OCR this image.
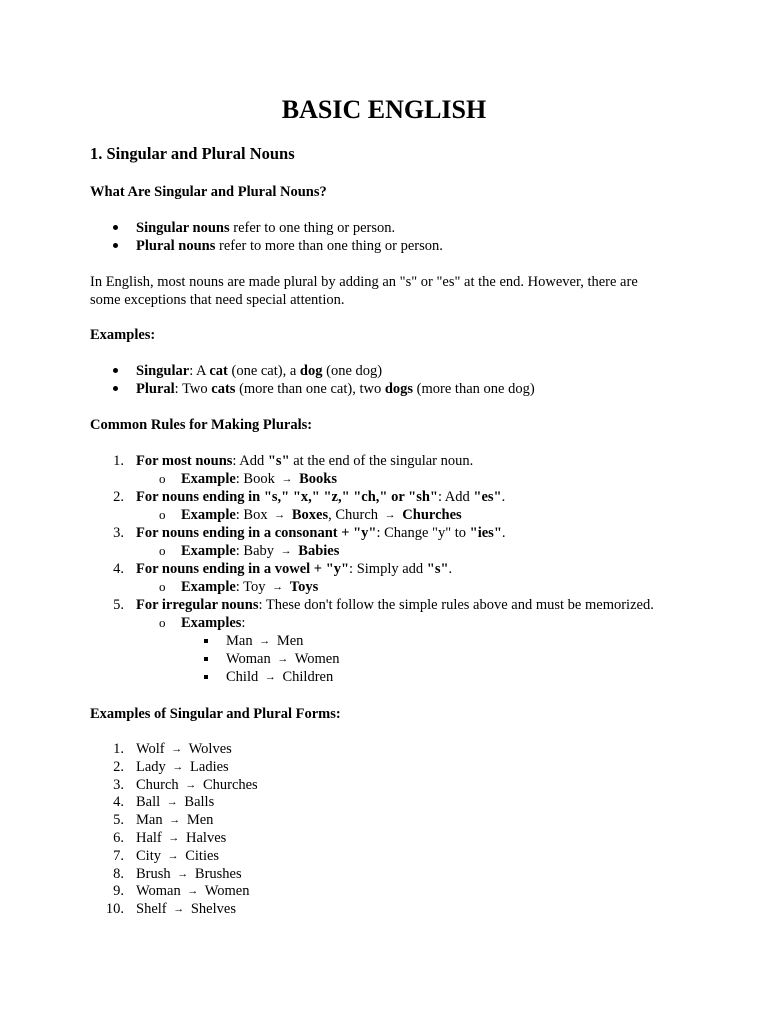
BASIC ENGLISH
1. Singular and Plural Nouns
What Are Singular and Plural Nouns?
Singular nouns refer to one thing or person.
Plural nouns refer to more than one thing or person.
In English, most nouns are made plural by adding an "s" or "es" at the end. However, there are
some exceptions that need special attention.
Examples:
Singular: A cat (one cat), a dog (one dog)
Plural: Two cats (more than one cat), two dogs (more than one dog)
Common Rules for Making Plurals:
1. For most nouns: Add "s" at the end of the singular noun.
o Example: Book → Books
2. For nouns ending in "s," "x," "z," "ch," or "sh": Add "es".
o Example: Box → Boxes, Church → Churches
3. For nouns ending in a consonant + "y": Change "y" to "ies".
o Example: Baby → Babies
4. For nouns ending in a vowel + "y": Simply add "s".
o Example: Toy → Toys
5. For irregular nouns: These don't follow the simple rules above and must be memorized.
o Examples:
Man → Men
Woman → Women
Child → Children
Examples of Singular and Plural Forms:
1. Wolf → Wolves
2. Lady → Ladies
3. Church → Churches
4. Ball → Balls
5. Man → Men
6. Half → Halves
7. City → Cities
8. Brush → Brushes
9. Woman → Women
10. Shelf → Shelves
